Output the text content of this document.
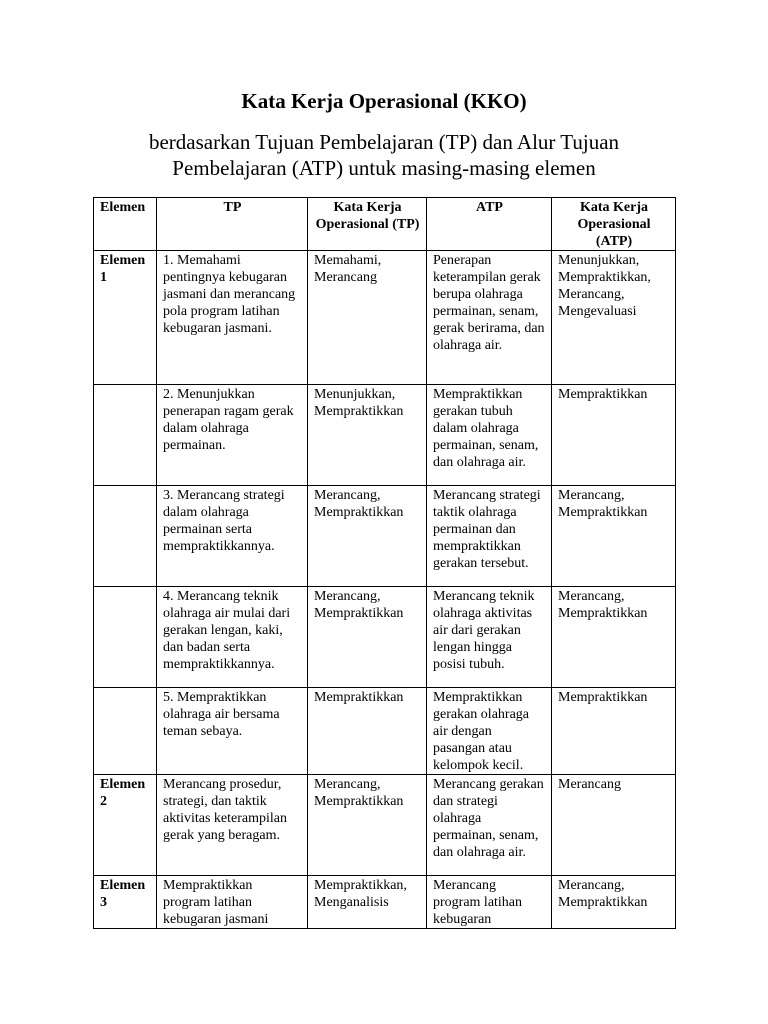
Kata Kerja Operasional (KKO)
berdasarkan Tujuan Pembelajaran (TP) dan Alur Tujuan
Pembelajaran (ATP) untuk masing-masing elemen
Elemen	TP	Kata Kerja Operasional (TP)	ATP	Kata Kerja Operasional (ATP)
Elemen 1	1. Memahami pentingnya kebugaran jasmani dan merancang pola program latihan kebugaran jasmani.	Memahami, Merancang	Penerapan keterampilan gerak berupa olahraga permainan, senam, gerak berirama, dan olahraga air.	Menunjukkan, Mempraktikkan, Merancang, Mengevaluasi
	2. Menunjukkan penerapan ragam gerak dalam olahraga permainan.	Menunjukkan, Mempraktikkan	Mempraktikkan gerakan tubuh dalam olahraga permainan, senam, dan olahraga air.	Mempraktikkan
	3. Merancang strategi dalam olahraga permainan serta mempraktikkannya.	Merancang, Mempraktikkan	Merancang strategi taktik olahraga permainan dan mempraktikkan gerakan tersebut.	Merancang, Mempraktikkan
	4. Merancang teknik olahraga air mulai dari gerakan lengan, kaki, dan badan serta mempraktikkannya.	Merancang, Mempraktikkan	Merancang teknik olahraga aktivitas air dari gerakan lengan hingga posisi tubuh.	Merancang, Mempraktikkan
	5. Mempraktikkan olahraga air bersama teman sebaya.	Mempraktikkan	Mempraktikkan gerakan olahraga air dengan pasangan atau kelompok kecil.	Mempraktikkan
Elemen 2	Merancang prosedur, strategi, dan taktik aktivitas keterampilan gerak yang beragam.	Merancang, Mempraktikkan	Merancang gerakan dan strategi olahraga permainan, senam, dan olahraga air.	Merancang
Elemen 3	Mempraktikkan program latihan kebugaran jasmani	Mempraktikkan, Menganalisis	Merancang program latihan kebugaran	Merancang, Mempraktikkan
